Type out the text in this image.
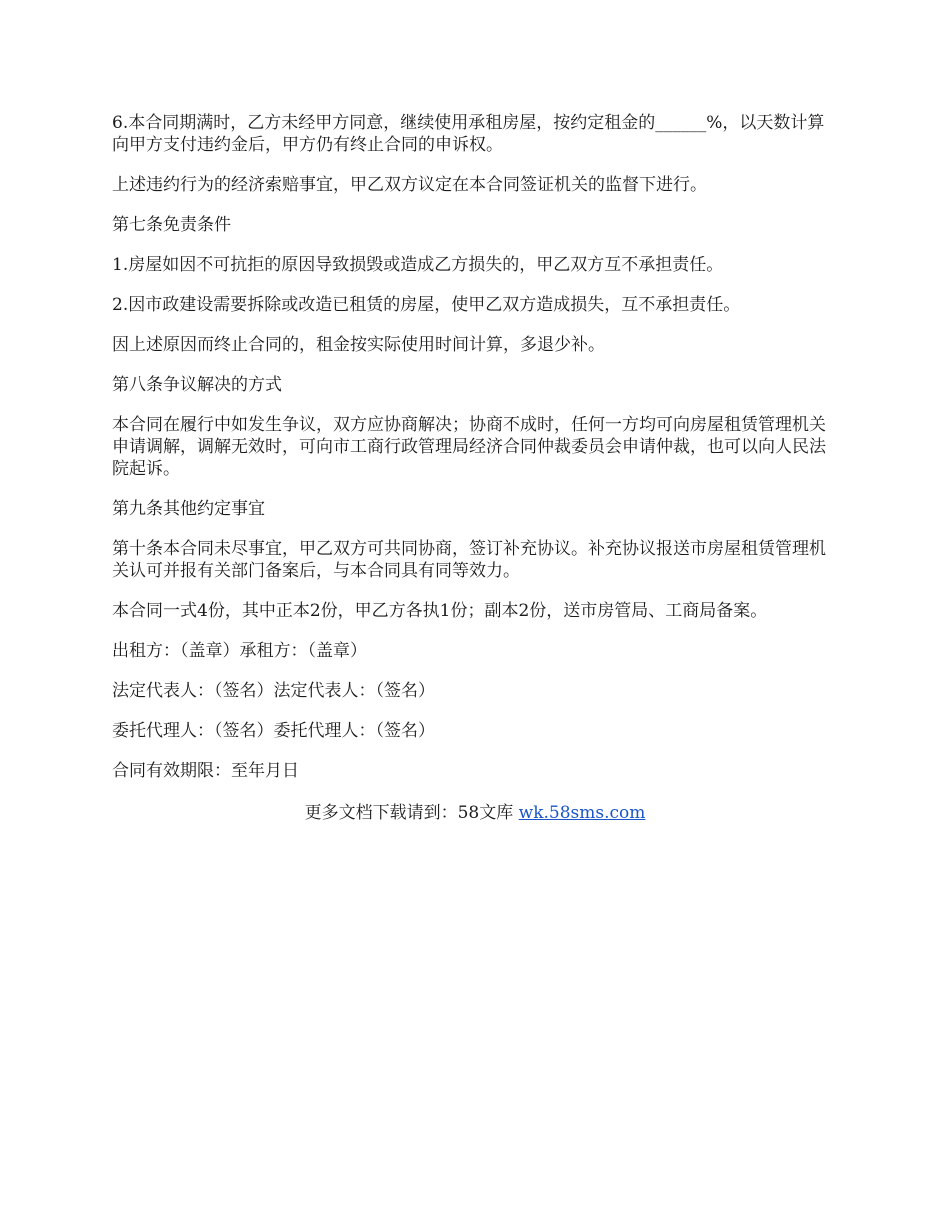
6.本合同期满时，乙方未经甲方同意，继续使用承租房屋，按约定租金的______%，以天数计算向甲方支付违约金后，甲方仍有终止合同的申诉权。

上述违约行为的经济索赔事宜，甲乙双方议定在本合同签证机关的监督下进行。

第七条免责条件

1.房屋如因不可抗拒的原因导致损毁或造成乙方损失的，甲乙双方互不承担责任。

2.因市政建设需要拆除或改造已租赁的房屋，使甲乙双方造成损失，互不承担责任。

因上述原因而终止合同的，租金按实际使用时间计算，多退少补。

第八条争议解决的方式

本合同在履行中如发生争议，双方应协商解决；协商不成时，任何一方均可向房屋租赁管理机关申请调解，调解无效时，可向市工商行政管理局经济合同仲裁委员会申请仲裁，也可以向人民法院起诉。

第九条其他约定事宜

第十条本合同未尽事宜，甲乙双方可共同协商，签订补充协议。补充协议报送市房屋租赁管理机关认可并报有关部门备案后，与本合同具有同等效力。

本合同一式4份，其中正本2份，甲乙方各执1份；副本2份，送市房管局、工商局备案。

出租方：（盖章）承租方：（盖章）

法定代表人：（签名）法定代表人：（签名）

委托代理人：（签名）委托代理人：（签名）

合同有效期限：至年月日

更多文档下载请到：58文库 wk.58sms.com
